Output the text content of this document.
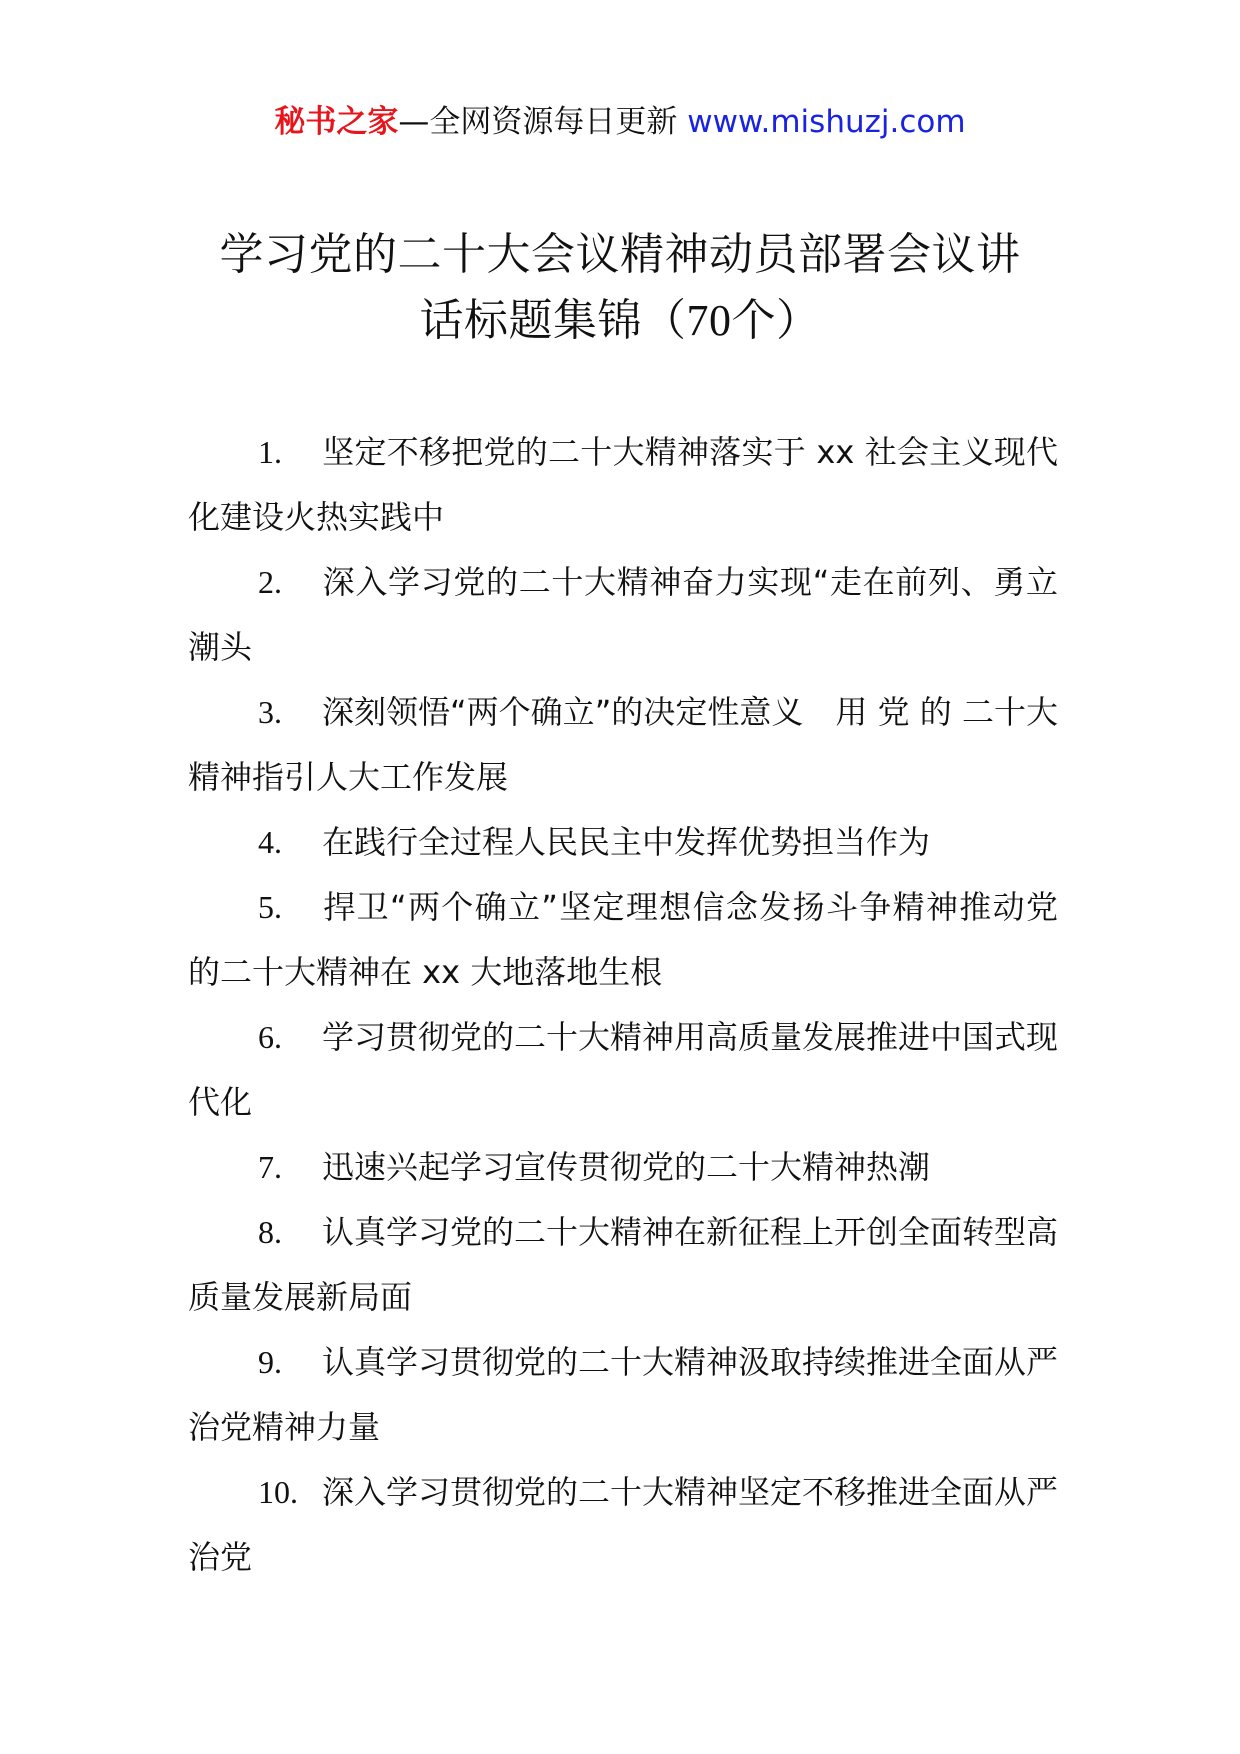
秘书之家—全网资源每日更新 www.mishuzj.com
学习党的二十大会议精神动员部署会议讲
话标题集锦（70个）
1. 坚定不移把党的二十大精神落实于 xx 社会主义现代化建设火热实践中
2. 深入学习党的二十大精神奋力实现“走在前列、勇立潮头
3. 深刻领悟“两个确立”的决定性意义　用 党 的 二十大精神指引人大工作发展
4. 在践行全过程人民民主中发挥优势担当作为
5. 捍卫“两个确立”坚定理想信念发扬斗争精神推动党的二十大精神在 xx 大地落地生根
6. 学习贯彻党的二十大精神用高质量发展推进中国式现代化
7. 迅速兴起学习宣传贯彻党的二十大精神热潮
8. 认真学习党的二十大精神在新征程上开创全面转型高质量发展新局面
9. 认真学习贯彻党的二十大精神汲取持续推进全面从严治党精神力量
10. 深入学习贯彻党的二十大精神坚定不移推进全面从严治党
